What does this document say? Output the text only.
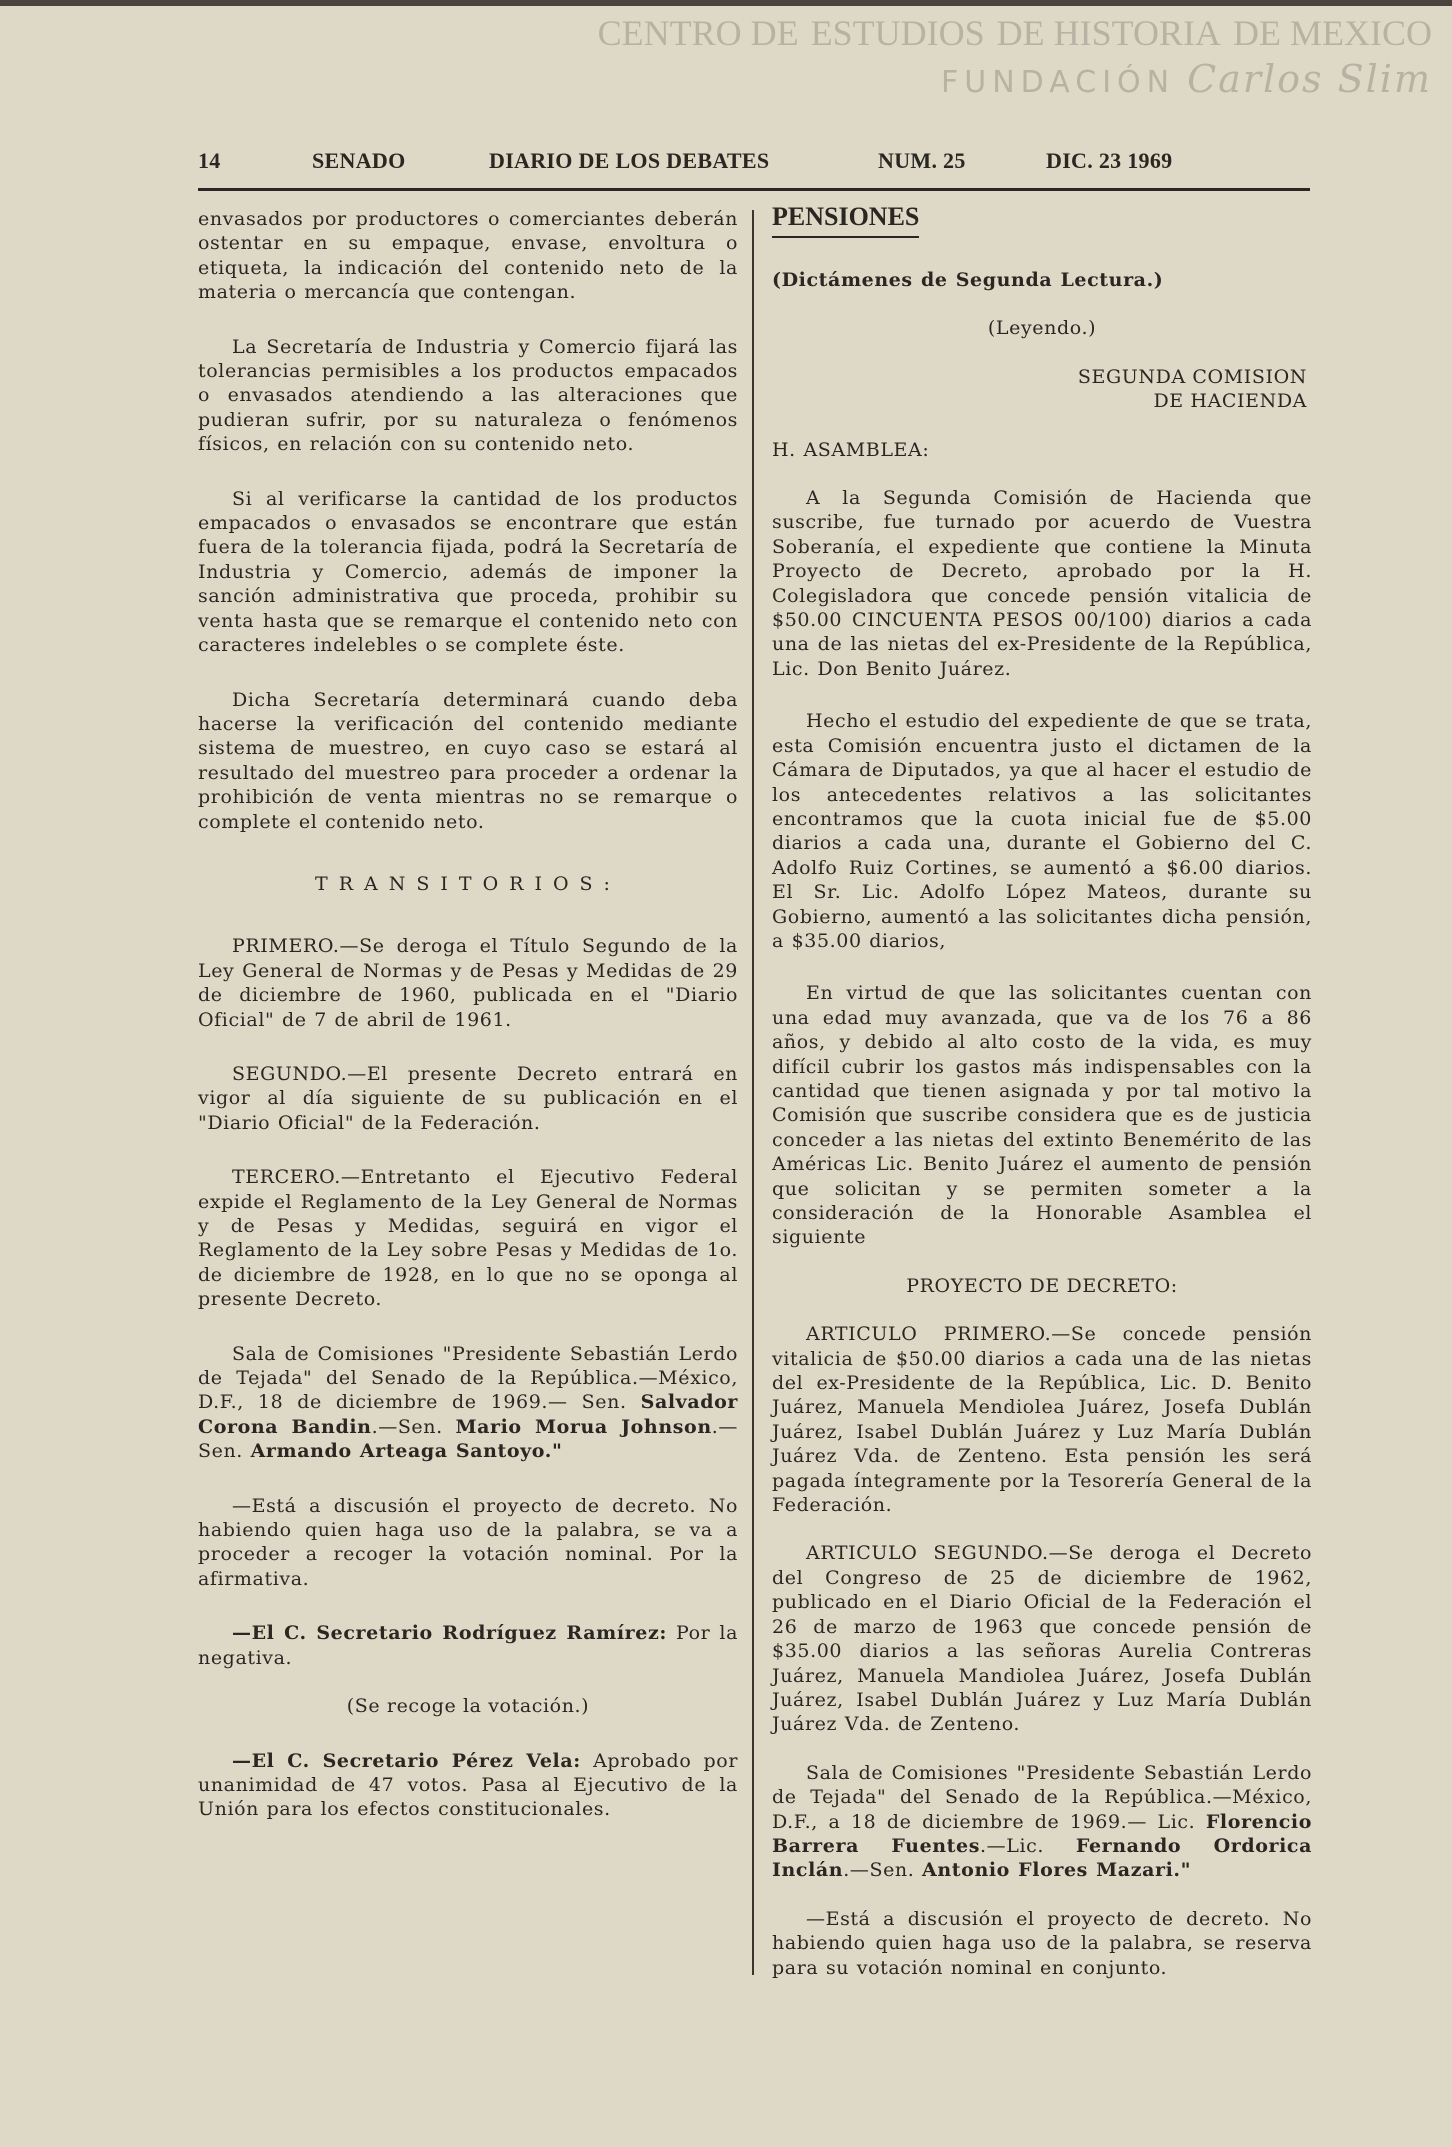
CENTRO DE ESTUDIOS DE HISTORIA DE MEXICO
FUNDACIÓN Carlos Slim
14	SENADO	DIARIO DE LOS DEBATES	NUM. 25	DIC. 23 1969
envasados por productores o comerciantes deberán ostentar en su empaque, envase, envoltura o etiqueta, la indicación del contenido neto de la materia o mercancía que contengan.
La Secretaría de Industria y Comercio fijará las tolerancias permisibles a los productos empacados o envasados atendiendo a las alteraciones que pudieran sufrir, por su naturaleza o fenómenos físicos, en relación con su contenido neto.
Si al verificarse la cantidad de los productos empacados o envasados se encontrare que están fuera de la tolerancia fijada, podrá la Secretaría de Industria y Comercio, además de imponer la sanción administrativa que proceda, prohibir su venta hasta que se remarque el contenido neto con caracteres indelebles o se complete éste.
Dicha Secretaría determinará cuando deba hacerse la verificación del contenido mediante sistema de muestreo, en cuyo caso se estará al resultado del muestreo para proceder a ordenar la prohibición de venta mientras no se remarque o complete el contenido neto.
TRANSITORIOS:
PRIMERO.—Se deroga el Título Segundo de la Ley General de Normas y de Pesas y Medidas de 29 de diciembre de 1960, publicada en el "Diario Oficial" de 7 de abril de 1961.
SEGUNDO.—El presente Decreto entrará en vigor al día siguiente de su publicación en el "Diario Oficial" de la Federación.
TERCERO.—Entretanto el Ejecutivo Federal expide el Reglamento de la Ley General de Normas y de Pesas y Medidas, seguirá en vigor el Reglamento de la Ley sobre Pesas y Medidas de 1o. de diciembre de 1928, en lo que no se oponga al presente Decreto.
Sala de Comisiones "Presidente Sebastián Lerdo de Tejada" del Senado de la República.—México, D.F., 18 de diciembre de 1969.— Sen. Salvador Corona Bandin.—Sen. Mario Morua Johnson.—Sen. Armando Arteaga Santoyo."
—Está a discusión el proyecto de decreto. No habiendo quien haga uso de la palabra, se va a proceder a recoger la votación nominal. Por la afirmativa.
—El C. Secretario Rodríguez Ramírez: Por la negativa.
(Se recoge la votación.)
—El C. Secretario Pérez Vela: Aprobado por unanimidad de 47 votos. Pasa al Ejecutivo de la Unión para los efectos constitucionales.
PENSIONES
(Dictámenes de Segunda Lectura.)
(Leyendo.)
SEGUNDA COMISION
DE HACIENDA
H. ASAMBLEA:
A la Segunda Comisión de Hacienda que suscribe, fue turnado por acuerdo de Vuestra Soberanía, el expediente que contiene la Minuta Proyecto de Decreto, aprobado por la H. Colegisladora que concede pensión vitalicia de $50.00 CINCUENTA PESOS 00/100) diarios a cada una de las nietas del ex-Presidente de la República, Lic. Don Benito Juárez.
Hecho el estudio del expediente de que se trata, esta Comisión encuentra justo el dictamen de la Cámara de Diputados, ya que al hacer el estudio de los antecedentes relativos a las solicitantes encontramos que la cuota inicial fue de $5.00 diarios a cada una, durante el Gobierno del C. Adolfo Ruiz Cortines, se aumentó a $6.00 diarios. El Sr. Lic. Adolfo López Mateos, durante su Gobierno, aumentó a las solicitantes dicha pensión, a $35.00 diarios,
En virtud de que las solicitantes cuentan con una edad muy avanzada, que va de los 76 a 86 años, y debido al alto costo de la vida, es muy difícil cubrir los gastos más indispensables con la cantidad que tienen asignada y por tal motivo la Comisión que suscribe considera que es de justicia conceder a las nietas del extinto Benemérito de las Américas Lic. Benito Juárez el aumento de pensión que solicitan y se permiten someter a la consideración de la Honorable Asamblea el siguiente
PROYECTO DE DECRETO:
ARTICULO PRIMERO.—Se concede pensión vitalicia de $50.00 diarios a cada una de las nietas del ex-Presidente de la República, Lic. D. Benito Juárez, Manuela Mendiolea Juárez, Josefa Dublán Juárez, Isabel Dublán Juárez y Luz María Dublán Juárez Vda. de Zenteno. Esta pensión les será pagada íntegramente por la Tesorería General de la Federación.
ARTICULO SEGUNDO.—Se deroga el Decreto del Congreso de 25 de diciembre de 1962, publicado en el Diario Oficial de la Federación el 26 de marzo de 1963 que concede pensión de $35.00 diarios a las señoras Aurelia Contreras Juárez, Manuela Mandiolea Juárez, Josefa Dublán Juárez, Isabel Dublán Juárez y Luz María Dublán Juárez Vda. de Zenteno.
Sala de Comisiones "Presidente Sebastián Lerdo de Tejada" del Senado de la República.—México, D.F., a 18 de diciembre de 1969.— Lic. Florencio Barrera Fuentes.—Lic. Fernando Ordorica Inclán.—Sen. Antonio Flores Mazari."
—Está a discusión el proyecto de decreto. No habiendo quien haga uso de la palabra, se reserva para su votación nominal en conjunto.
